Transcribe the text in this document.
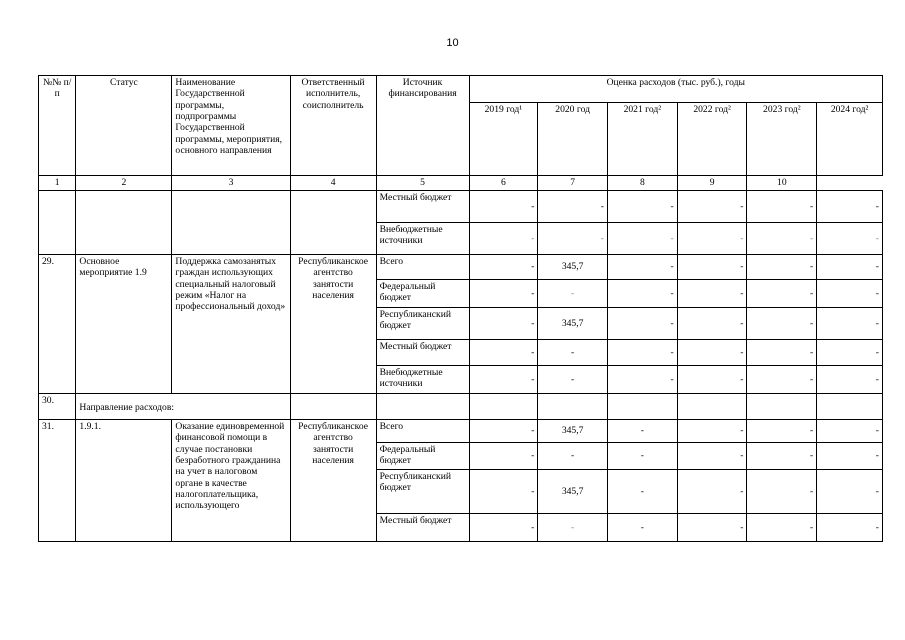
10
№№ п/п	Статус	Наименование Государственной программы, подпрограммы Государственной программы, мероприятия, основного направления	Ответственный исполнитель, соисполнитель	Источник финансирования	Оценка расходов (тыс. руб.), годы					
					2019 год¹	2020 год	2021 год²	2022 год²	2023 год²	2024 год²
1	2	3	4	5	6	7	8	9	10	
				Местный бюджет	-	-	-	-	-	-
				Внебюджетные источники	-	-	-	-	-	-
29.	Основное мероприятие 1.9	Поддержка самозанятых граждан использующих специальный налоговый режим «Налог на профессиональный доход»	Республиканское агентство занятости населения	Всего	-	345,7	-	-	-	-
				Федеральный бюджет	-	-	-	-	-	-
				Республиканский бюджет	-	345,7	-	-	-	-
				Местный бюджет	-	-	-	-	-	-
				Внебюджетные источники	-	-	-	-	-	-
30.	Направление расходов:									
31.	1.9.1.	Оказание единовременной финансовой помощи в случае постановки безработного гражданина на учет в налоговом органе в качестве налогоплательщика, использующего	Республиканское агентство занятости населения	Всего	-	345,7	-	-	-	-
				Федеральный бюджет	-	-	-	-	-	-
				Республиканский бюджет	-	345,7	-	-	-	-
				Местный бюджет	-	-	-	-	-	-
